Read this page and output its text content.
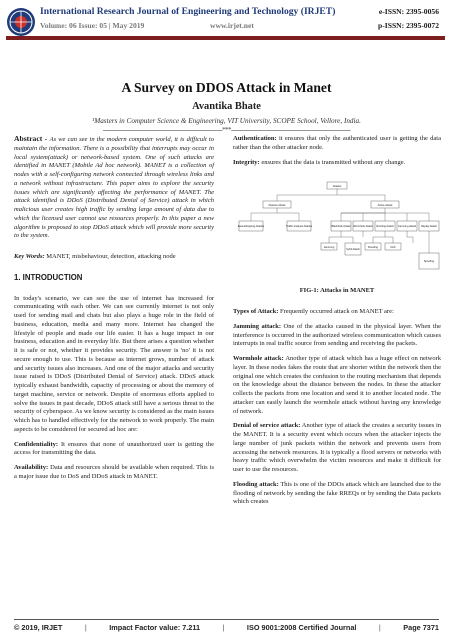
International Research Journal of Engineering and Technology (IRJET)
Volume: 06 Issue: 05 | May 2019	www.irjet.net
e-ISSN: 2395-0056
p-ISSN: 2395-0072
A Survey on DDOS Attack in Manet
Avantika Bhate
¹Masters in Computer Science & Engineering, VIT University, SCOPE School, Vellore, India.
---------------------------------------------------------------------***---------------------------------------------------------------------

Abstract - As we can see in the modern computer world, it is difficult to maintain the information. There is a possibility that interrupts may occur in local system(attack) or network-based system. One of such attacks are identified in MANET (Mobile Ad hoc network). MANET is a collection of nodes with a self-configuring network connected through wireless links and a network without infrastructure. This paper aims to explore the security issues which are significantly affecting the performance of MANET. The attack identified is DDoS (Distributed Denial of Service) attack in which malicious user creates high traffic by sending large amount of data due to which the licensed user cannot use resources properly. In this paper a new algorithm is proposed to stop DDoS attack which will provide more security to the system.

Key Words: MANET, misbehaviour, detection, attacking node

1. INTRODUCTION

In today's scenario, we can see the use of internet has increased for communicating with each other. We can see currently internet is not only used for sending mail and chats but also plays a huge role in the field of business, education, media and many more. Internet has changed the lifestyle of people and made our life easier. It has a huge impact in our business, education and in everyday life. But there arises a question whether it is safe or not, whether it provides security. The answer is 'no' it is not secure enough to use. This is because as internet grows, number of attack and security issues also increases. And one of the major attacks and security issue raised is DDoS (Distributed Denial of Service) attack. DDoS attack typically exhaust bandwidth, capacity of processing or about the memory of target machine, service or network. Despite of enormous efforts applied to solve the issues in past decade, DDoS attack still have a serious threat to the security of cyberspace. As we know security is considered as the main issues which has to handled effectively for the network to work properly. The main aspects to be considered for secured ad hoc are:

Confidentiality: It ensures that none of unauthorized user is getting the access for transmitting the data.

Availability: Data and resources should be available when required. This is a major issue due to DoS and DDoS attack in MANET.

Authentication: it ensures that only the authenticated user is getting the data rather than the other attacker node.

Integrity: ensures that the data is transmitted without any change.

Attacks
Passive Attack	Active Attack
Eavesdropping Attacks	Traffic analysis Attacks	Blackhole Attack Wormhole Attack Rushing Attack Jamming attack Replay Attack
Jamming
Sybil Attack
Flooding	DoS
Spoofing
FIG-1: Attacks in MANET

Types of Attack: Frequently occurred attack on MANET are:

Jamming attack: One of the attacks caused in the physical layer. When the interference is occurred in the authorized wireless communication which causes interrupts in real traffic source from sending and receiving the packets.

Wormhole attack: Another type of attack which has a huge effect on network layer. In these nodes fakes the route that are shorter within the network then the original one which creates the confusion to the routing mechanism that depends on the knowledge about the distance between the nodes. In these the attacker collects the packets from one location and send it to another located node. The attacker can easily launch the wormhole attack without having any knowledge of network.

Denial of service attack: Another type of attack the creates a security issues in the MANET. It is a security event which occurs when the attacker injects the large number of junk packets within the network and prevents users from accessing the network resources. It is typically a flood servers or networks with heavy traffic which overwhelm the victim resources and make it difficult for user to use the resources.

Flooding attack: This is one of the DDOs attack which are launched due to the flooding of network by sending the fake RREQs or by sending the Data packets which creates

© 2019, IRJET	|	Impact Factor value: 7.211	|	ISO 9001:2008 Certified Journal	|	Page 7371
